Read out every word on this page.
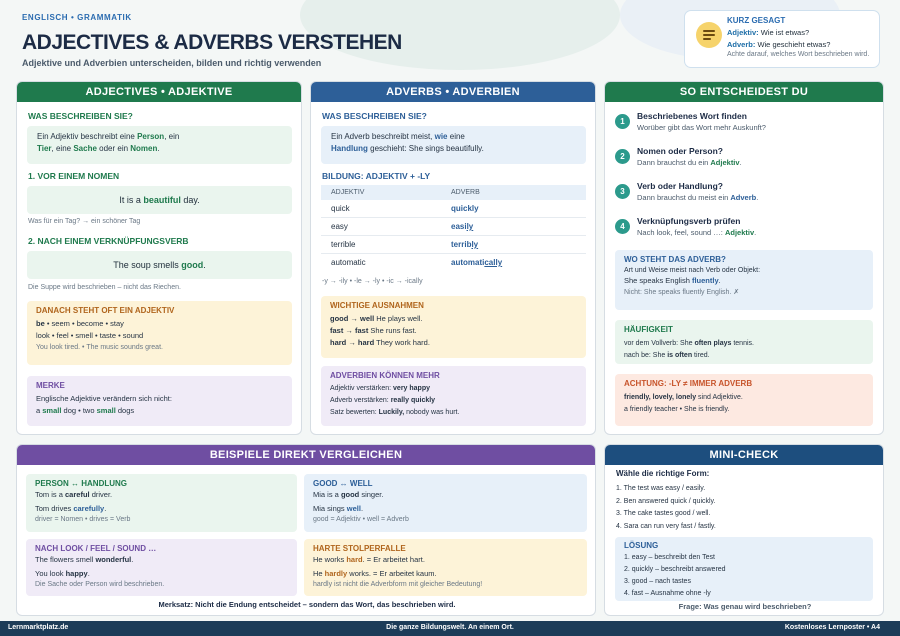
ENGLISCH • GRAMMATIK
ADJECTIVES & ADVERBS VERSTEHEN
Adjektive und Adverbien unterscheiden, bilden und richtig verwenden
KURZ GESAGT
Adjektiv: Wie ist etwas?
Adverb: Wie geschieht etwas?
Achte darauf, welches Wort beschrieben wird.
ADJECTIVES • ADJEKTIVE
WAS BESCHREIBEN SIE?
Ein Adjektiv beschreibt eine Person, ein
Tier, eine Sache oder ein Nomen.
1. VOR EINEM NOMEN
It is a beautiful day.
Was für ein Tag? → ein schöner Tag
2. NACH EINEM VERKNÜPFUNGSVERB
The soup smells good.
Die Suppe wird beschrieben – nicht das Riechen.
DANACH STEHT OFT EIN ADJEKTIV
be • seem • become • stay
look • feel • smell • taste • sound
You look tired. • The music sounds great.
MERKE
Englische Adjektive verändern sich nicht:
a small dog • two small dogs
ADVERBS • ADVERBIEN
WAS BESCHREIBEN SIE?
Ein Adverb beschreibt meist, wie eine
Handlung geschieht: She sings beautifully.
BILDUNG: ADJEKTIV + -LY
ADJEKTIV	ADVERB
quick	quickly
easy	easily
terrible	terribly
automatic	automatically
-y → -ily • -le → -ly • -ic → -ically
WICHTIGE AUSNAHMEN
good → well He plays well.
fast → fast She runs fast.
hard → hard They work hard.
ADVERBIEN KÖNNEN MEHR
Adjektiv verstärken: very happy
Adverb verstärken: really quickly
Satz bewerten: Luckily, nobody was hurt.
SO ENTSCHEIDEST DU
1
Beschriebenes Wort finden
Worüber gibt das Wort mehr Auskunft?
2
Nomen oder Person?
Dann brauchst du ein Adjektiv.
3
Verb oder Handlung?
Dann brauchst du meist ein Adverb.
4
Verknüpfungsverb prüfen
Nach look, feel, sound …: Adjektiv.
WO STEHT DAS ADVERB?
Art und Weise meist nach Verb oder Objekt:
She speaks English fluently.
Nicht: She speaks fluently English. ✗
HÄUFIGKEIT
vor dem Vollverb: She often plays tennis.
nach be: She is often tired.
ACHTUNG: -LY ≠ IMMER ADVERB
friendly, lovely, lonely sind Adjektive.
a friendly teacher • She is friendly.
BEISPIELE DIREKT VERGLEICHEN
PERSON ↔ HANDLUNG
Tom is a careful driver.
Tom drives carefully.
driver = Nomen • drives = Verb
GOOD ↔ WELL
Mia is a good singer.
Mia sings well.
good = Adjektiv • well = Adverb
NACH LOOK / FEEL / SOUND …
The flowers smell wonderful.
You look happy.
Die Sache oder Person wird beschrieben.
HARTE STOLPERFALLE
He works hard. = Er arbeitet hart.
He hardly works. = Er arbeitet kaum.
hardly ist nicht die Adverbform mit gleicher Bedeutung!
Merksatz: Nicht die Endung entscheidet – sondern das Wort, das beschrieben wird.
MINI-CHECK
Wähle die richtige Form:
1. The test was easy / easily.
2. Ben answered quick / quickly.
3. The cake tastes good / well.
4. Sara can run very fast / fastly.
LÖSUNG
1. easy – beschreibt den Test
2. quickly – beschreibt answered
3. good – nach tastes
4. fast – Ausnahme ohne -ly
Frage: Was genau wird beschrieben?
Lernmarktplatz.de	Die ganze Bildungswelt. An einem Ort.	Kostenloses Lernposter • A4
